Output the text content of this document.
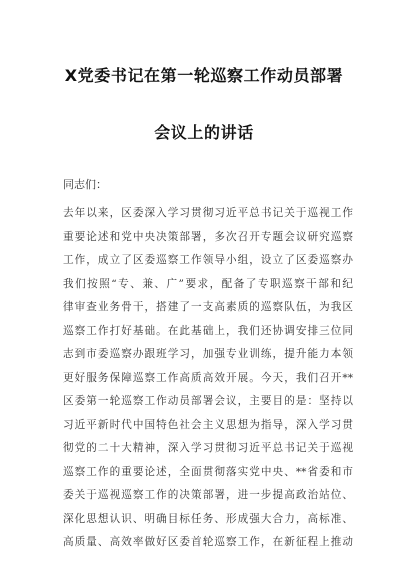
X党委书记在第一轮巡察工作动员部署
会议上的讲话
同志们：
去年以来，区委深入学习贯彻习近平总书记关于巡视工作
重要论述和党中央决策部署，多次召开专题会议研究巡察
工作，成立了区委巡察工作领导小组，设立了区委巡察办
我们按照“专、兼、广”要求，配备了专职巡察干部和纪
律审查业务骨干，搭建了一支高素质的巡察队伍，为我区
巡察工作打好基础。在此基础上，我们还协调安排三位同
志到市委巡察办跟班学习，加强专业训练，提升能力本领
更好服务保障巡察工作高质高效开展。今天，我们召开**
区委第一轮巡察工作动员部署会议，主要目的是：坚持以
习近平新时代中国特色社会主义思想为指导，深入学习贯
彻党的二十大精神，深入学习贯彻习近平总书记关于巡视
巡察工作的重要论述，全面贯彻落实党中央、**省委和市
委关于巡视巡察工作的决策部署，进一步提高政治站位、
深化思想认识、明确目标任务、形成强大合力，高标准、
高质量、高效率做好区委首轮巡察工作，在新征程上推动
